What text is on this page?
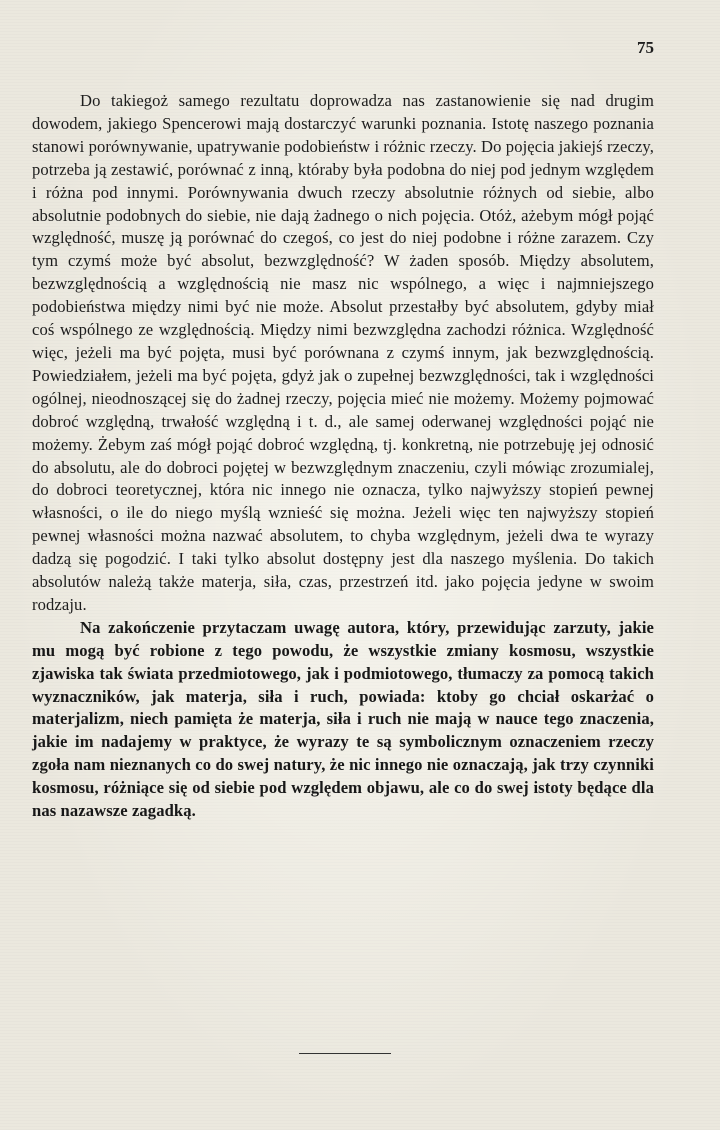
75

Do takiegoż samego rezultatu doprowadza nas zastanowienie się nad drugim dowodem, jakiego Spencerowi mają dostarczyć warunki poznania. Istotę naszego poznania stanowi porównywanie, upatrywanie podobieństw i różnic rzeczy. Do pojęcia jakiejś rzeczy, potrzeba ją zestawić, porównać z inną, któraby była podobna do niej pod jednym względem i różna pod innymi. Porównywania dwuch rzeczy absolutnie różnych od siebie, albo absolutnie podobnych do siebie, nie dają żadnego o nich pojęcia. Otóż, ażebym mógł pojąć względność, muszę ją porównać do czegoś, co jest do niej podobne i różne zarazem. Czy tym czymś może być absolut, bezwzględność? W żaden sposób. Między absolutem, bezwzględnością a względnością nie masz nic wspólnego, a więc i najmniejszego podobieństwa między nimi być nie może. Absolut przestałby być absolutem, gdyby miał coś wspólnego ze względnością. Między nimi bezwzględna zachodzi różnica. Względność więc, jeżeli ma być pojęta, musi być porównana z czymś innym, jak bezwzględnością. Powiedziałem, jeżeli ma być pojęta, gdyż jak o zupełnej bezwzględności, tak i względności ogólnej, nieodnoszącej się do żadnej rzeczy, pojęcia mieć nie możemy. Możemy pojmować dobroć względną, trwałość względną i t. d., ale samej oderwanej względności pojąć nie możemy. Żebym zaś mógł pojąć dobroć względną, tj. konkretną, nie potrzebuję jej odnosić do absolutu, ale do dobroci pojętej w bezwzględnym znaczeniu, czyli mówiąc zrozumialej, do dobroci teoretycznej, która nic innego nie oznacza, tylko najwyższy stopień pewnej własności, o ile do niego myślą wznieść się można. Jeżeli więc ten najwyższy stopień pewnej własności można nazwać absolutem, to chyba względnym, jeżeli dwa te wyrazy dadzą się pogodzić. I taki tylko absolut dostępny jest dla naszego myślenia. Do takich absolutów należą także materja, siła, czas, przestrzeń itd. jako pojęcia jedyne w swoim rodzaju.

Na zakończenie przytaczam uwagę autora, który, przewidując zarzuty, jakie mu mogą być robione z tego powodu, że wszystkie zmiany kosmosu, wszystkie zjawiska tak świata przedmiotowego, jak i podmiotowego, tłumaczy za pomocą takich wyznaczników, jak materja, siła i ruch, powiada: ktoby go chciał oskarżać o materjalizm, niech pamięta że materja, siła i ruch nie mają w nauce tego znaczenia, jakie im nadajemy w praktyce, że wyrazy te są symbolicznym oznaczeniem rzeczy zgoła nam nieznanych co do swej natury, że nic innego nie oznaczają, jak trzy czynniki kosmosu, różniące się od siebie pod względem objawu, ale co do swej istoty będące dla nas nazawsze zagadką.
